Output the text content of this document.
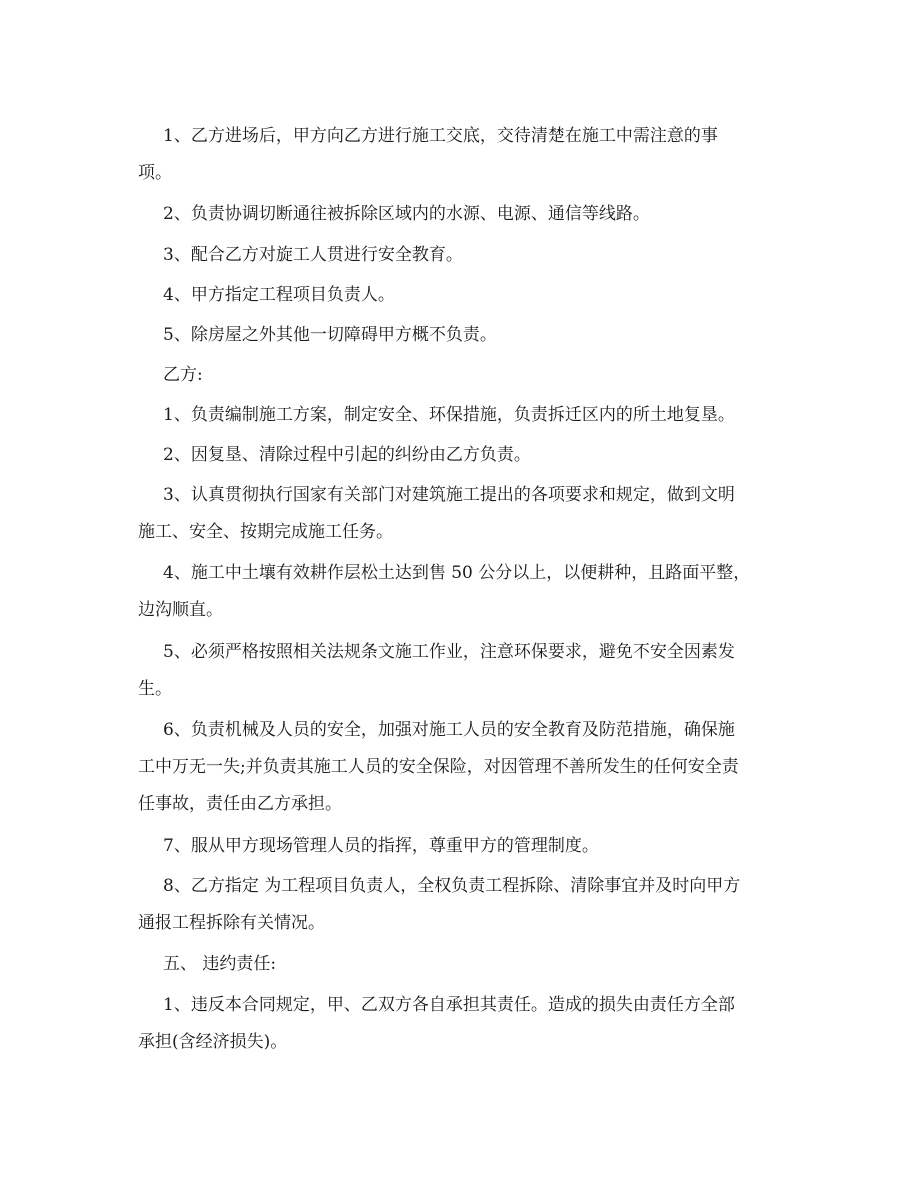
1、乙方进场后，甲方向乙方进行施工交底，交待清楚在施工中需注意的事

项。

2、负责协调切断通往被拆除区域内的水源、电源、通信等线路。

3、配合乙方对旋工人贯进行安全教育。

4、甲方指定工程项目负责人。

5、除房屋之外其他一切障碍甲方概不负责。

乙方:

1、负责编制施工方案，制定安全、环保措施，负责拆迁区内的所土地复垦。

2、因复垦、清除过程中引起的纠纷由乙方负责。

3、认真贯彻执行国家有关部门对建筑施工提出的各项要求和规定，做到文明

施工、安全、按期完成施工任务。

4、施工中土壤有效耕作层松土达到售 50 公分以上，以便耕种，且路面平整，

边沟顺直。

5、必须严格按照相关法规条文施工作业，注意环保要求，避免不安全因素发

生。

6、负责机械及人员的安全，加强对施工人员的安全教育及防范措施，确保施

工中万无一失;并负责其施工人员的安全保险，对因管理不善所发生的任何安全责

任事故，责任由乙方承担。

7、服从甲方现场管理人员的指挥，尊重甲方的管理制度。

8、乙方指定 为工程项目负责人，全权负责工程拆除、清除事宜并及时向甲方

通报工程拆除有关情况。

五、 违约责任:

1、违反本合同规定，甲、乙双方各自承担其责任。造成的损失由责任方全部

承担(含经济损失)。
